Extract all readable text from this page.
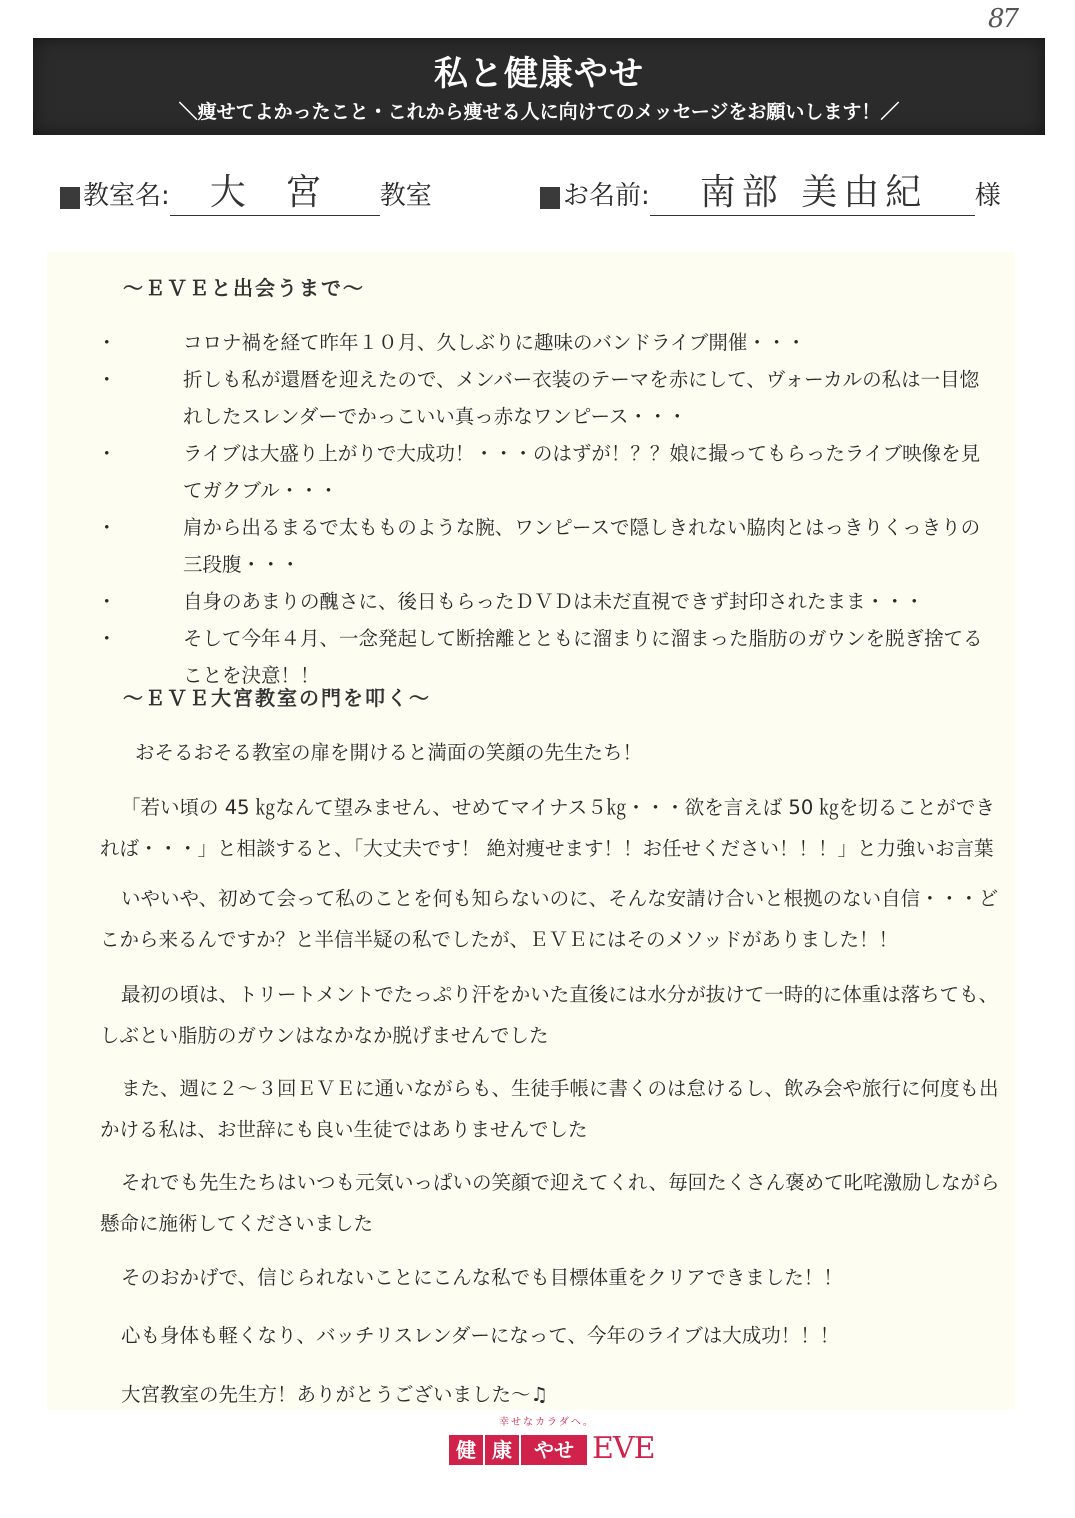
87
私と健康やせ
＼痩せてよかったこと・これから痩せる人に向けてのメッセージをお願いします！／
教室名:	大 宮	教室	お名前:	南部 美由紀	様
～ＥＶＥと出会うまで～
・	コロナ禍を経て昨年１０月、久しぶりに趣味のバンドライブ開催・・・
・	折しも私が還暦を迎えたので、メンバー衣装のテーマを赤にして、ヴォーカルの私は一目惚れしたスレンダーでかっこいい真っ赤なワンピース・・・
・	ライブは大盛り上がりで大成功！・・・のはずが！？？娘に撮ってもらったライブ映像を見てガクブル・・・
・	肩から出るまるで太もものような腕、ワンピースで隠しきれない脇肉とはっきりくっきりの三段腹・・・
・	自身のあまりの醜さに、後日もらったＤＶＤは未だ直視できず封印されたまま・・・
・	そして今年４月、一念発起して断捨離とともに溜まりに溜まった脂肪のガウンを脱ぎ捨てることを決意！！
～ＥＶＥ大宮教室の門を叩く～
おそるおそる教室の扉を開けると満面の笑顔の先生たち！
「若い頃の 45 ㎏なんて望みません、せめてマイナス５㎏・・・欲を言えば 50 ㎏を切ることができれば・・・」と相談すると、「大丈夫です！ 絶対痩せます！！お任せください！！！」と力強いお言葉
いやいや、初めて会って私のことを何も知らないのに、そんな安請け合いと根拠のない自信・・・どこから来るんですか？と半信半疑の私でしたが、ＥＶＥにはそのメソッドがありました！！
最初の頃は、トリートメントでたっぷり汗をかいた直後には水分が抜けて一時的に体重は落ちても、しぶとい脂肪のガウンはなかなか脱げませんでした
また、週に２～３回ＥＶＥに通いながらも、生徒手帳に書くのは怠けるし、飲み会や旅行に何度も出かける私は、お世辞にも良い生徒ではありませんでした
それでも先生たちはいつも元気いっぱいの笑顔で迎えてくれ、毎回たくさん褒めて叱咤激励しながら懸命に施術してくださいました
そのおかげで、信じられないことにこんな私でも目標体重をクリアできました！！
心も身体も軽くなり、バッチリスレンダーになって、今年のライブは大成功！！！
大宮教室の先生方！ありがとうございました～♫
幸せなカラダへ。
健 康	やせ EVE
